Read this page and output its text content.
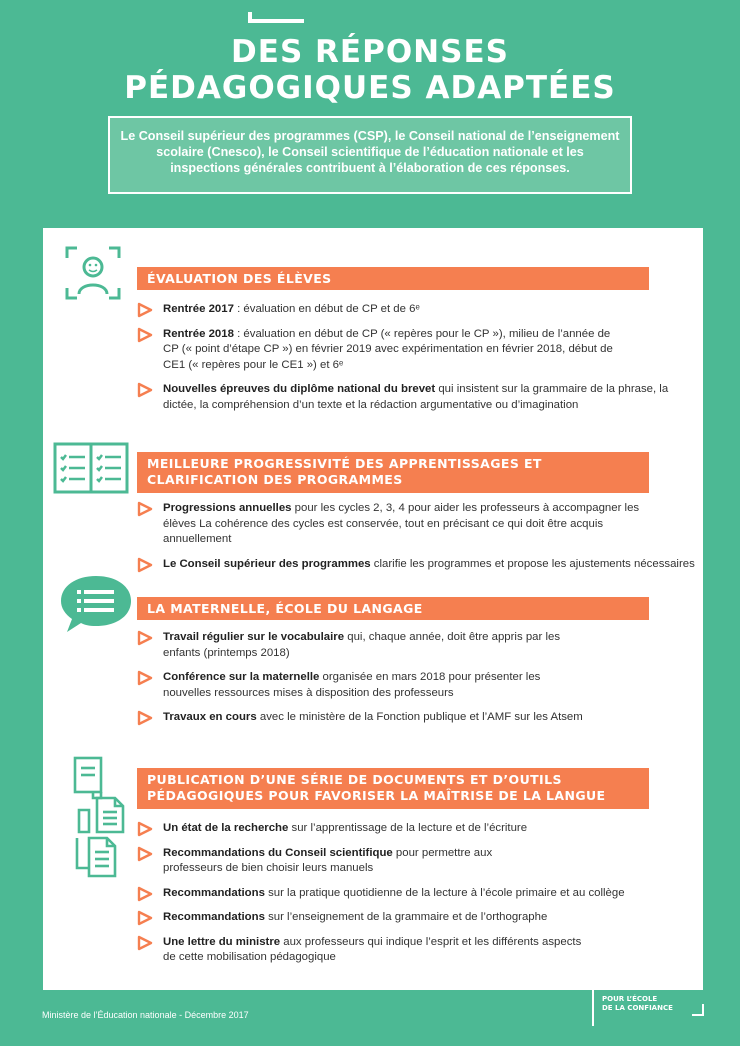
DES RÉPONSES
PÉDAGOGIQUES ADAPTÉES
Le Conseil supérieur des programmes (CSP), le Conseil national de l’enseignement scolaire (Cnesco), le Conseil scientifique de l’éducation nationale et les inspections générales contribuent à l’élaboration de ces réponses.
ÉVALUATION DES ÉLÈVES
Rentrée 2017 : évaluation en début de CP et de 6ᵉ
Rentrée 2018 : évaluation en début de CP (« repères pour le CP »), milieu de l’année de CP (« point d’étape CP ») en février 2019 avec expérimentation en février 2018, début de CE1 (« repères pour le CE1 ») et 6ᵉ
Nouvelles épreuves du diplôme national du brevet qui insistent sur la grammaire de la phrase, la dictée, la compréhension d’un texte et la rédaction argumentative ou d’imagination
MEILLEURE PROGRESSIVITÉ DES APPRENTISSAGES ET CLARIFICATION DES PROGRAMMES
Progressions annuelles pour les cycles 2, 3, 4 pour aider les professeurs à accompagner les élèves La cohérence des cycles est conservée, tout en précisant ce qui doit être acquis annuellement
Le Conseil supérieur des programmes clarifie les programmes et propose les ajustements nécessaires
LA MATERNELLE, ÉCOLE DU LANGAGE
Travail régulier sur le vocabulaire qui, chaque année, doit être appris par les enfants (printemps 2018)
Conférence sur la maternelle organisée en mars 2018 pour présenter les nouvelles ressources mises à disposition des professeurs
Travaux en cours avec le ministère de la Fonction publique et l’AMF sur les Atsem
PUBLICATION D’UNE SÉRIE DE DOCUMENTS ET D’OUTILS PÉDAGOGIQUES POUR FAVORISER LA MAÎTRISE DE LA LANGUE
Un état de la recherche sur l’apprentissage de la lecture et de l’écriture
Recommandations du Conseil scientifique pour permettre aux professeurs de bien choisir leurs manuels
Recommandations sur la pratique quotidienne de la lecture à l’école primaire et au collège
Recommandations sur l’enseignement de la grammaire et de l’orthographe
Une lettre du ministre aux professeurs qui indique l’esprit et les différents aspects de cette mobilisation pédagogique
Ministère de l’Éducation nationale - Décembre 2017
POUR L’ÉCOLE
DE LA CONFIANCE
